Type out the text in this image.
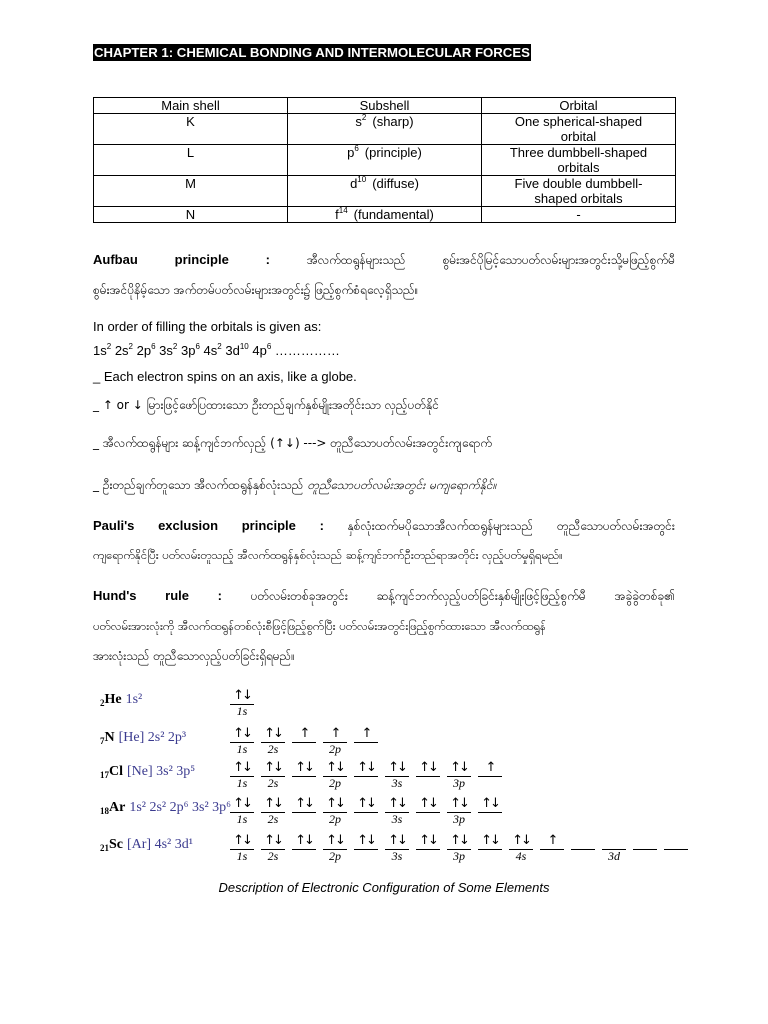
CHAPTER 1: CHEMICAL BONDING AND INTERMOLECULAR FORCES
Main shell	Subshell	Orbital
K	$s^2$ (sharp)	One spherical-shaped orbital
L	$p^6$ (principle)	Three dumbbell-shaped orbitals
M	$d^{10}$ (diffuse)	Five double dumbbell-shaped orbitals
N	$f^{14}$ (fundamental)	-
Aufbau principle :	အီလက်ထရွန်များသည် စွမ်းအင်ပိုမြင့်သောပတ်လမ်းများအတွင်းသို့မဖြည့်စွက်မီ
စွမ်းအင်ပိုနိမ့်သော အက်တမ်ပတ်လမ်းများအတွင်း၌ ဖြည့်စွက်စံရလေ့ရှိသည်။
In order of filling the orbitals is given as:
$1s^2$ $2s^2$ $2p^6$ $3s^2$ $3p^6$ $4s^2$ $3d^{10}$ $4p^6$ ……………
_ Each electron spins on an axis, like a globe.
_ ↑ or ↓ မြားဖြင့်ဖော်ပြထားသော ဦးတည်ချက်နှစ်မျိုးအတိုင်းသာ လှည့်ပတ်နိုင်
_ အီလက်ထရွန်များ ဆန့်ကျင်ဘက်လှည့် (↑↓) ---> တူညီသောပတ်လမ်းအတွင်းကျရောက်
_ ဦးတည်ချက်တူသော အီလက်ထရွန်နှစ်လုံးသည် တူညီသောပတ်လမ်းအတွင်း မကျရောက်နိုင်။
Pauli's exclusion principle : နှစ်လုံးထက်မပိုသောအီလက်ထရွန်များသည် တူညီသောပတ်လမ်းအတွင်း
ကျရောက်နိုင်ပြီး ပတ်လမ်းတူသည့် အီလက်ထရွန်နှစ်လုံးသည် ဆန့်ကျင်ဘက်ဦးတည်ရာအတိုင်း လှည့်ပတ်မှုရှိရမည်။
Hund's rule : ပတ်လမ်းတစ်ခုအတွင်း ဆန့်ကျင်ဘက်လှည့်ပတ်ခြင်းနှစ်မျိုးဖြင့်ဖြည့်စွက်မီ အခွဲခွဲတစ်ခု၏
ပတ်လမ်းအားလုံးကို အီလက်ထရွန်တစ်လုံးစီဖြင့်ဖြည့်စွက်ပြီး ပတ်လမ်းအတွင်းဖြည့်စွက်ထားသော အီလက်ထရွန်
အားလုံးသည် တူညီသောလှည့်ပတ်ခြင်းရှိရမည်။
$_2$He 1s²	↑↓
1s
$_7$N [He] 2s² 2p³	↑↓ ↑↓	↑	↑	↑
1s	2s	2p
$_{17}$Cl [Ne] 3s² 3p⁵	↑↓ ↑↓ ↑↓ ↑↓ ↑↓ ↑↓ ↑↓ ↑↓	↑
1s	2s	2p	3s	3p
$_{18}$Ar 1s² 2s² 2p⁶ 3s² 3p⁶ ↑↓ ↑↓ ↑↓ ↑↓ ↑↓ ↑↓ ↑↓ ↑↓ ↑↓
1s	2s	2p	3s	3p
$_{21}$Sc [Ar] 4s² 3d¹	↑↓ ↑↓ ↑↓ ↑↓ ↑↓ ↑↓ ↑↓ ↑↓ ↑↓ ↑↓	↑
1s	2s	2p	3s	3p	4s	3d
Description of Electronic Configuration of Some Elements
